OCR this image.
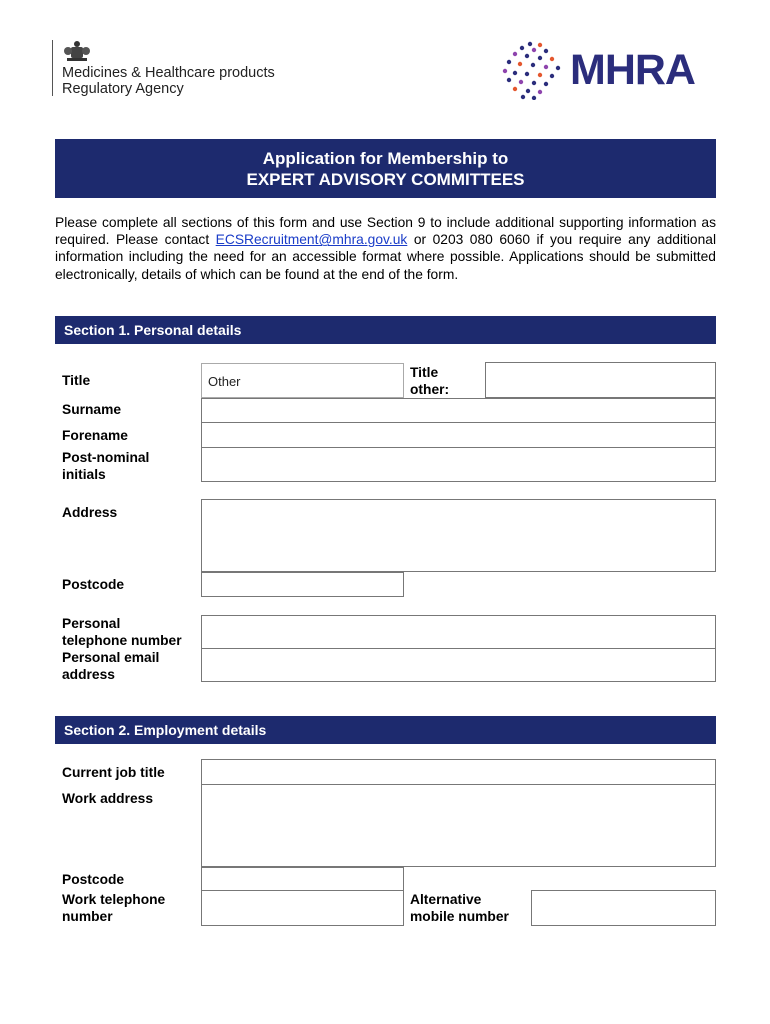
Medicines & Healthcare products
Regulatory Agency	MHRA
Application for Membership to
EXPERT ADVISORY COMMITTEES
Please complete all sections of this form and use Section 9 to include additional supporting information as required. Please contact ECSRecruitment@mhra.gov.uk or 0203 080 6060 if you require any additional information including the need for an accessible format where possible. Applications should be submitted electronically, details of which can be found at the end of the form.
Section 1. Personal details
Title	Other
Title
other:
Surname
Forename
Post-nominal
initials
Address
Postcode
Personal
telephone number
Personal email
address
Section 2. Employment details
Current job title
Work address
Postcode
Work telephone
number
Alternative
mobile number
